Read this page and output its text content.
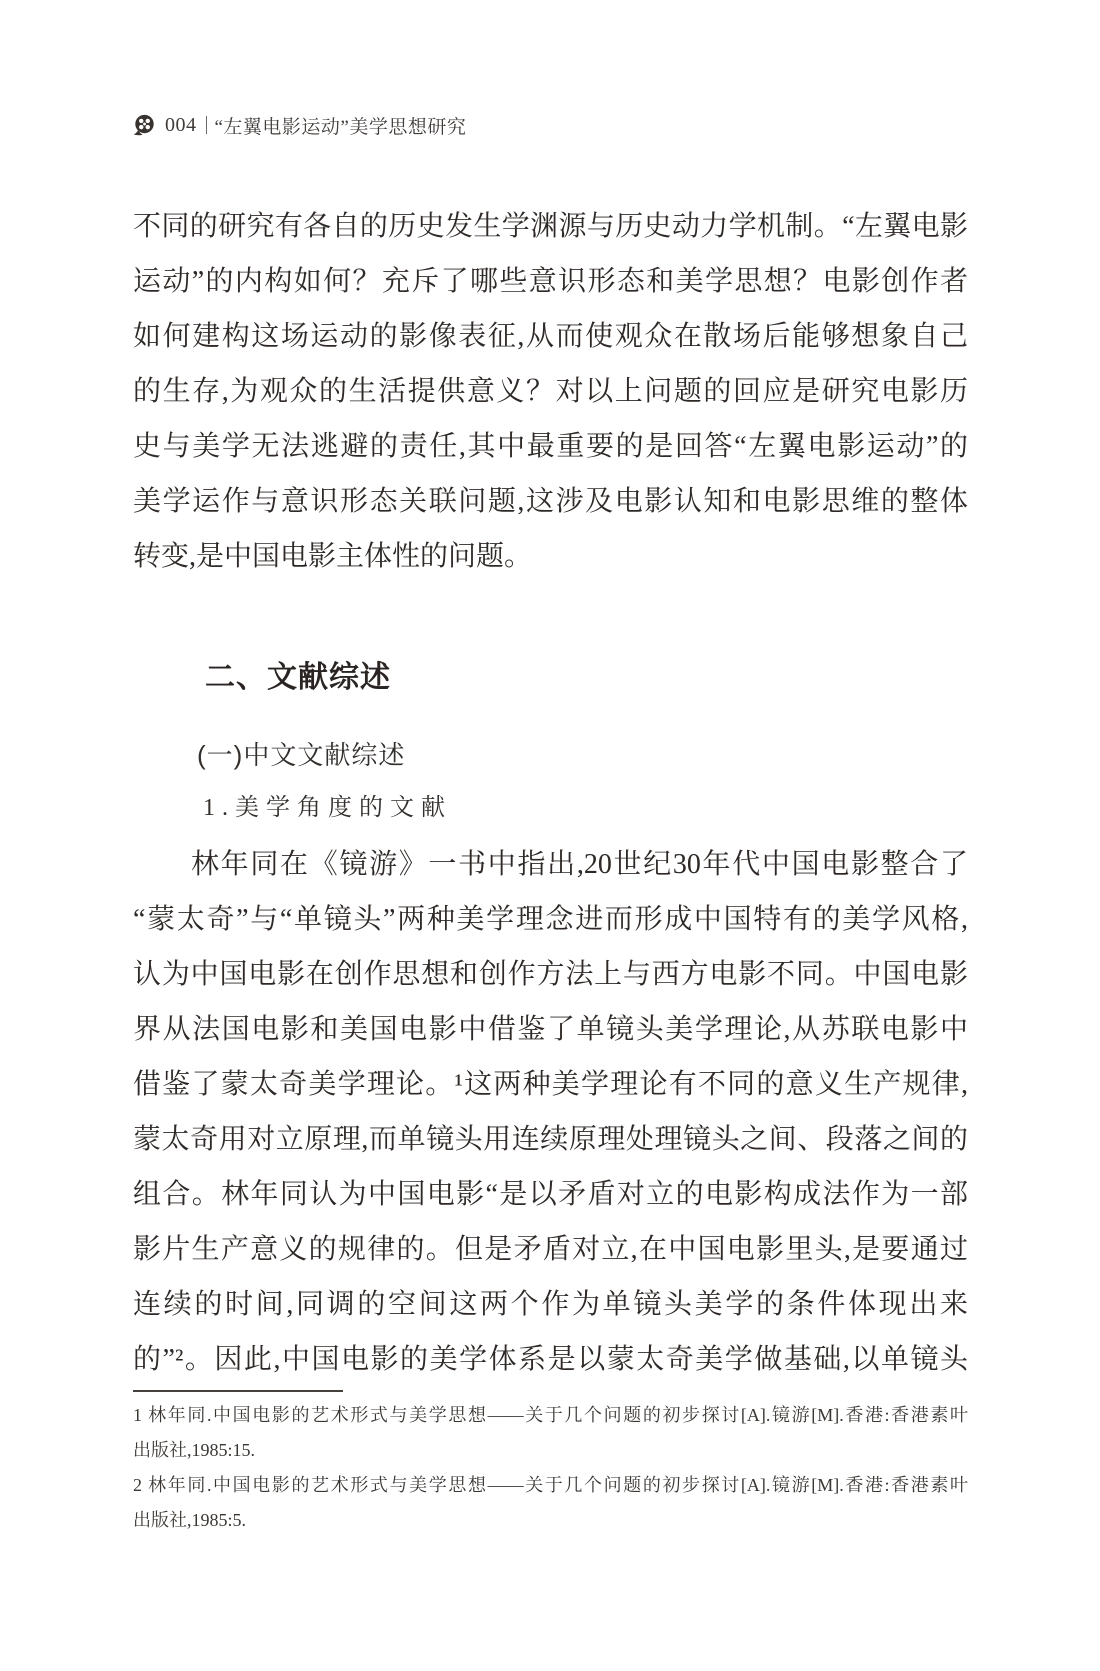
004 “左翼电影运动”美学思想研究
不同的研究有各自的历史发生学渊源与历史动力学机制。“左翼电影
运动”的内构如何？充斥了哪些意识形态和美学思想？电影创作者
如何建构这场运动的影像表征,从而使观众在散场后能够想象自己
的生存,为观众的生活提供意义？对以上问题的回应是研究电影历
史与美学无法逃避的责任,其中最重要的是回答“左翼电影运动”的
美学运作与意识形态关联问题,这涉及电影认知和电影思维的整体
转变,是中国电影主体性的问题。
二、文献综述
(一)中文文献综述
1.美学角度的文献
林年同在《镜游》一书中指出,20世纪30年代中国电影整合了
“蒙太奇”与“单镜头”两种美学理念进而形成中国特有的美学风格,
认为中国电影在创作思想和创作方法上与西方电影不同。中国电影
界从法国电影和美国电影中借鉴了单镜头美学理论,从苏联电影中
借鉴了蒙太奇美学理论。¹这两种美学理论有不同的意义生产规律,
蒙太奇用对立原理,而单镜头用连续原理处理镜头之间、段落之间的
组合。林年同认为中国电影“是以矛盾对立的电影构成法作为一部
影片生产意义的规律的。但是矛盾对立,在中国电影里头,是要通过
连续的时间,同调的空间这两个作为单镜头美学的条件体现出来
的”²。因此,中国电影的美学体系是以蒙太奇美学做基础,以单镜头
1 林年同.中国电影的艺术形式与美学思想——关于几个问题的初步探讨[A].镜游[M].香港:香港素叶
出版社,1985:15.
2 林年同.中国电影的艺术形式与美学思想——关于几个问题的初步探讨[A].镜游[M].香港:香港素叶
出版社,1985:5.
